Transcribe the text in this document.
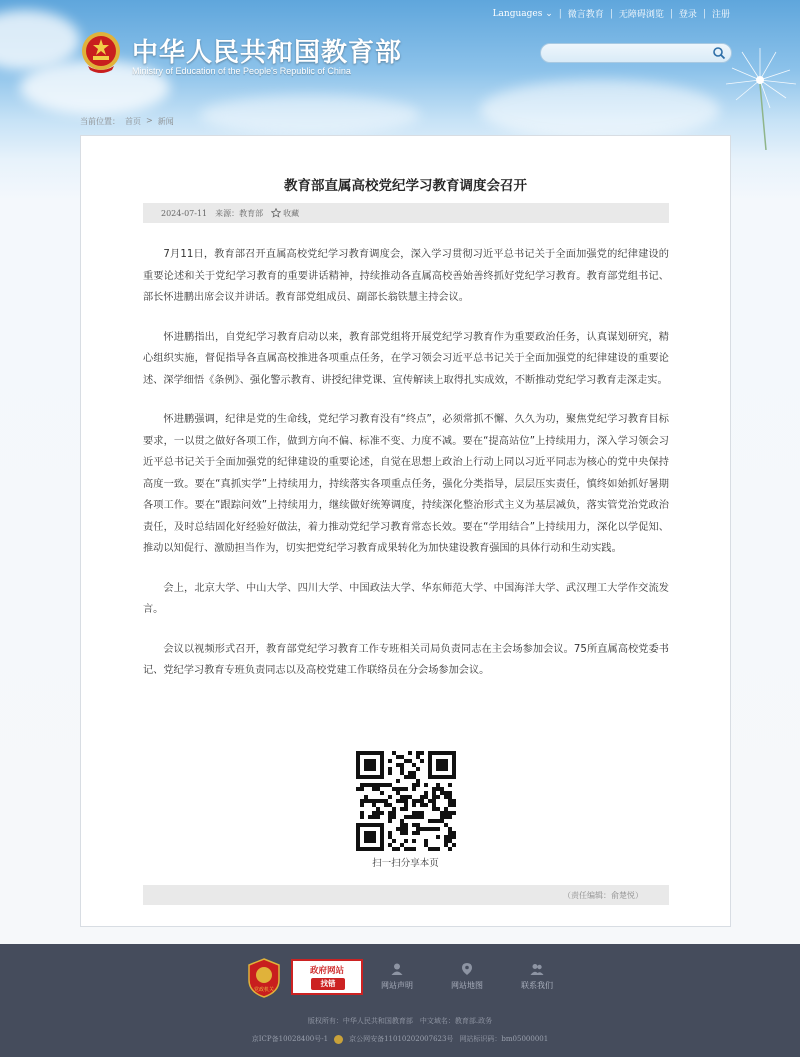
Languages ⌄ | 微言教育 | 无障碍浏览 | 登录 | 注册
中华人民共和国教育部
Ministry of Education of the People's Republic of China
当前位置： 首页 > 新闻
教育部直属高校党纪学习教育调度会召开
2024-07-11 来源：教育部	收藏

7月11日，教育部召开直属高校党纪学习教育调度会，深入学习贯彻习近平总书记关于全面加强党的纪律建设的重要论述和关于党纪学习教育的重要讲话精神，持续推动各直属高校善始善终抓好党纪学习教育。教育部党组书记、部长怀进鹏出席会议并讲话。教育部党组成员、副部长翁铁慧主持会议。

怀进鹏指出，自党纪学习教育启动以来，教育部党组将开展党纪学习教育作为重要政治任务，认真谋划研究，精心组织实施，督促指导各直属高校推进各项重点任务，在学习领会习近平总书记关于全面加强党的纪律建设的重要论述、深学细悟《条例》、强化警示教育、讲授纪律党课、宣传解读上取得扎实成效，不断推动党纪学习教育走深走实。

怀进鹏强调，纪律是党的生命线，党纪学习教育没有“终点”，必须常抓不懈、久久为功，聚焦党纪学习教育目标要求，一以贯之做好各项工作，做到方向不偏、标准不变、力度不减。要在“提高站位”上持续用力，深入学习领会习近平总书记关于全面加强党的纪律建设的重要论述，自觉在思想上政治上行动上同以习近平同志为核心的党中央保持高度一致。要在“真抓实学”上持续用力，持续落实各项重点任务，强化分类指导，层层压实责任，慎终如始抓好暑期各项工作。要在“跟踪问效”上持续用力，继续做好统筹调度，持续深化整治形式主义为基层减负，落实管党治党政治责任，及时总结固化好经验好做法，着力推动党纪学习教育常态长效。要在“学用结合”上持续用力，深化以学促知、推动以知促行、激励担当作为，切实把党纪学习教育成果转化为加快建设教育强国的具体行动和生动实践。

会上，北京大学、中山大学、四川大学、中国政法大学、华东师范大学、中国海洋大学、武汉理工大学作交流发言。

会议以视频形式召开，教育部党纪学习教育工作专班相关司局负责同志在主会场参加会议。75所直属高校党委书记、党纪学习教育专班负责同志以及高校党建工作联络员在分会场参加会议。

扫一扫分享本页
（责任编辑：俞楚悦）
党政机关
政府网站
找错	网站声明	网站地图	联系我们
版权所有：中华人民共和国教育部　中文域名：教育部.政务
京ICP备10028400号-1	京公网安备11010202007623号 网站标识码：bm05000001
